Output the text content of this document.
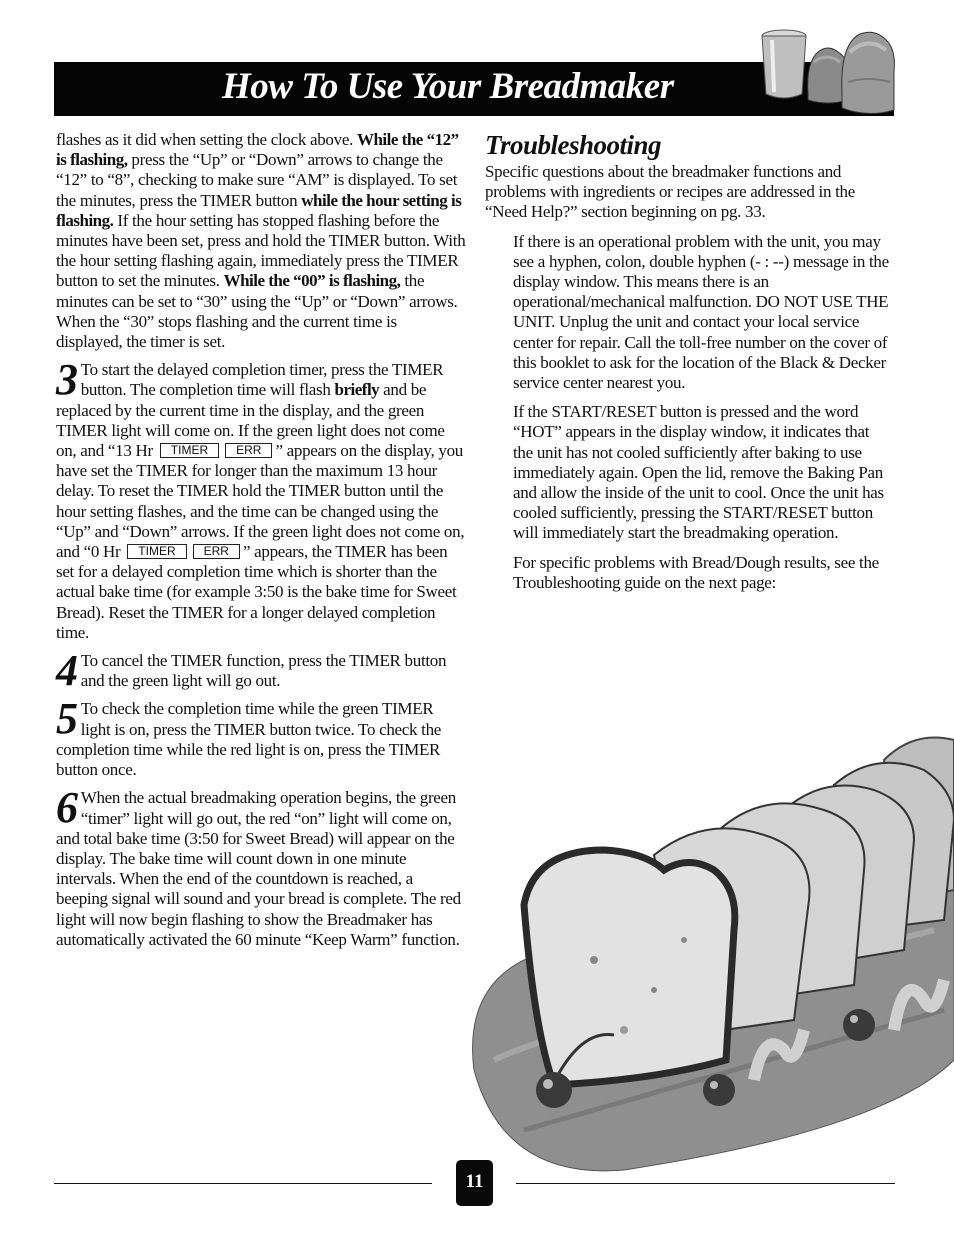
How To Use Your Breadmaker

flashes as it did when setting the clock above. While the “12” is flashing, press the “Up” or “Down” arrows to change the “12” to “8”, checking to make sure “AM” is displayed. To set the minutes, press the TIMER button while the hour setting is flashing. If the hour setting has stopped flashing before the minutes have been set, press and hold the TIMER button. With the hour setting flashing again, immediately press the TIMER button to set the minutes. While the “00” is flashing, the minutes can be set to “30” using the “Up” or “Down” arrows. When the “30” stops flashing and the current time is displayed, the timer is set.

3 To start the delayed completion timer, press the TIMER button. The completion time will flash briefly and be replaced by the current time in the display, and the green TIMER light will come on. If the green light does not come on, and “13 Hr TIMER ERR ” appears on the display, you have set the TIMER for longer than the maximum 13 hour delay. To reset the TIMER hold the TIMER button until the hour setting flashes, and the time can be changed using the “Up” and “Down” arrows. If the green light does not come on, and “0 Hr TIMER ERR ” appears, the TIMER has been set for a delayed completion time which is shorter than the actual bake time (for example 3:50 is the bake time for Sweet Bread). Reset the TIMER for a longer delayed completion time.

4 To cancel the TIMER function, press the TIMER button and the green light will go out.

5 To check the completion time while the green TIMER light is on, press the TIMER button twice. To check the completion time while the red light is on, press the TIMER button once.

6 When the actual breadmaking operation begins, the green “timer” light will go out, the red “on” light will come on, and total bake time (3:50 for Sweet Bread) will appear on the display. The bake time will count down in one minute intervals. When the end of the countdown is reached, a beeping signal will sound and your bread is complete. The red light will now begin flashing to show the Breadmaker has automatically activated the 60 minute “Keep Warm” function.

Troubleshooting

Specific questions about the breadmaker functions and problems with ingredients or recipes are addressed in the “Need Help?” section beginning on pg. 33.

If there is an operational problem with the unit, you may see a hyphen, colon, double hyphen (- : --) message in the display window. This means there is an operational/mechanical malfunction. DO NOT USE THE UNIT. Unplug the unit and contact your local service center for repair. Call the toll-free number on the cover of this booklet to ask for the location of the Black & Decker service center nearest you.

If the START/RESET button is pressed and the word “HOT” appears in the display window, it indicates that the unit has not cooled sufficiently after baking to use immediately again. Open the lid, remove the Baking Pan and allow the inside of the unit to cool. Once the unit has cooled sufficiently, pressing the START/RESET button will immediately start the breadmaking operation.

For specific problems with Bread/Dough results, see the Troubleshooting guide on the next page:

11
